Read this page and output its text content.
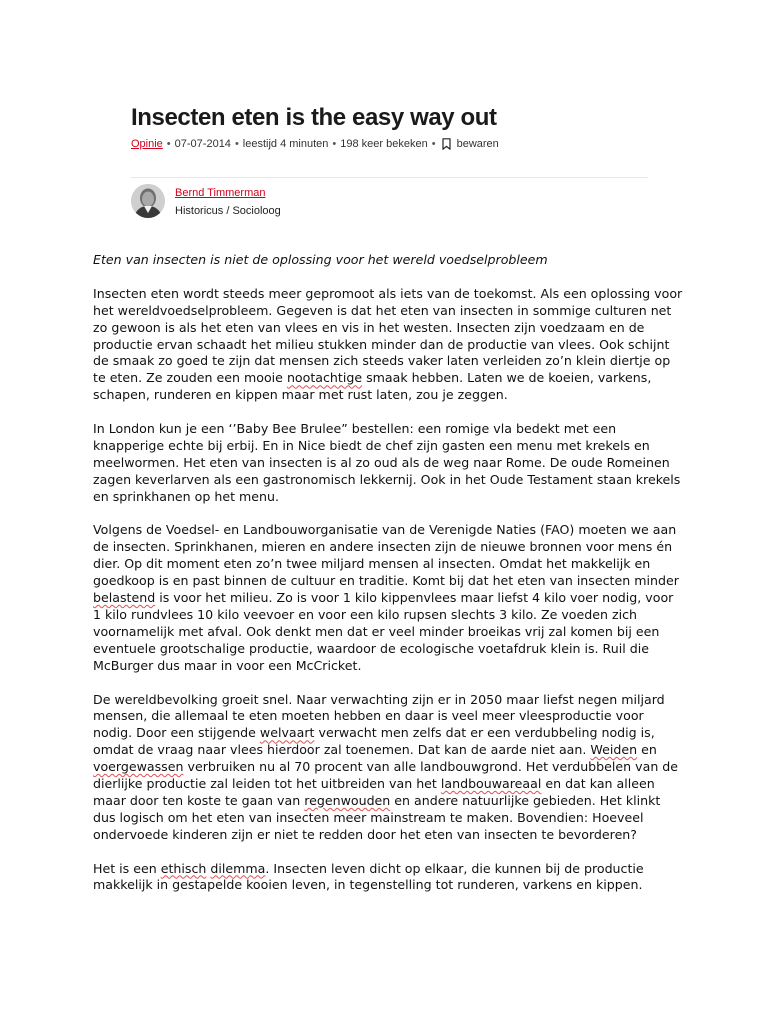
Insecten eten is the easy way out
Opinie • 07-07-2014 • leestijd 4 minuten • 198 keer bekeken • bewaren
Bernd Timmerman
Historicus / Socioloog

Eten van insecten is niet de oplossing voor het wereld voedselprobleem

Insecten eten wordt steeds meer gepromoot als iets van de toekomst. Als een oplossing voor het wereldvoedselprobleem. Gegeven is dat het eten van insecten in sommige culturen net zo gewoon is als het eten van vlees en vis in het westen. Insecten zijn voedzaam en de productie ervan schaadt het milieu stukken minder dan de productie van vlees. Ook schijnt de smaak zo goed te zijn dat mensen zich steeds vaker laten verleiden zo’n klein diertje op te eten. Ze zouden een mooie nootachtige smaak hebben. Laten we de koeien, varkens, schapen, runderen en kippen maar met rust laten, zou je zeggen.

In London kun je een ‘’Baby Bee Brulee” bestellen: een romige vla bedekt met een knapperige echte bij erbij. En in Nice biedt de chef zijn gasten een menu met krekels en meelwormen. Het eten van insecten is al zo oud als de weg naar Rome. De oude Romeinen zagen keverlarven als een gastronomisch lekkernij. Ook in het Oude Testament staan krekels en sprinkhanen op het menu.

Volgens de Voedsel- en Landbouworganisatie van de Verenigde Naties (FAO) moeten we aan de insecten. Sprinkhanen, mieren en andere insecten zijn de nieuwe bronnen voor mens én dier. Op dit moment eten zo’n twee miljard mensen al insecten. Omdat het makkelijk en goedkoop is en past binnen de cultuur en traditie. Komt bij dat het eten van insecten minder belastend is voor het milieu. Zo is voor 1 kilo kippenvlees maar liefst 4 kilo voer nodig, voor 1 kilo rundvlees 10 kilo veevoer en voor een kilo rupsen slechts 3 kilo. Ze voeden zich voornamelijk met afval. Ook denkt men dat er veel minder broeikas vrij zal komen bij een eventuele grootschalige productie, waardoor de ecologische voetafdruk klein is. Ruil die McBurger dus maar in voor een McCricket.

De wereldbevolking groeit snel. Naar verwachting zijn er in 2050 maar liefst negen miljard mensen, die allemaal te eten moeten hebben en daar is veel meer vleesproductie voor nodig. Door een stijgende welvaart verwacht men zelfs dat er een verdubbeling nodig is, omdat de vraag naar vlees hierdoor zal toenemen. Dat kan de aarde niet aan. Weiden en voergewassen verbruiken nu al 70 procent van alle landbouwgrond. Het verdubbelen van de dierlijke productie zal leiden tot het uitbreiden van het landbouwareaal en dat kan alleen maar door ten koste te gaan van regenwouden en andere natuurlijke gebieden. Het klinkt dus logisch om het eten van insecten meer mainstream te maken. Bovendien: Hoeveel ondervoede kinderen zijn er niet te redden door het eten van insecten te bevorderen?

Het is een ethisch dilemma. Insecten leven dicht op elkaar, die kunnen bij de productie makkelijk in gestapelde kooien leven, in tegenstelling tot runderen, varkens en kippen.
